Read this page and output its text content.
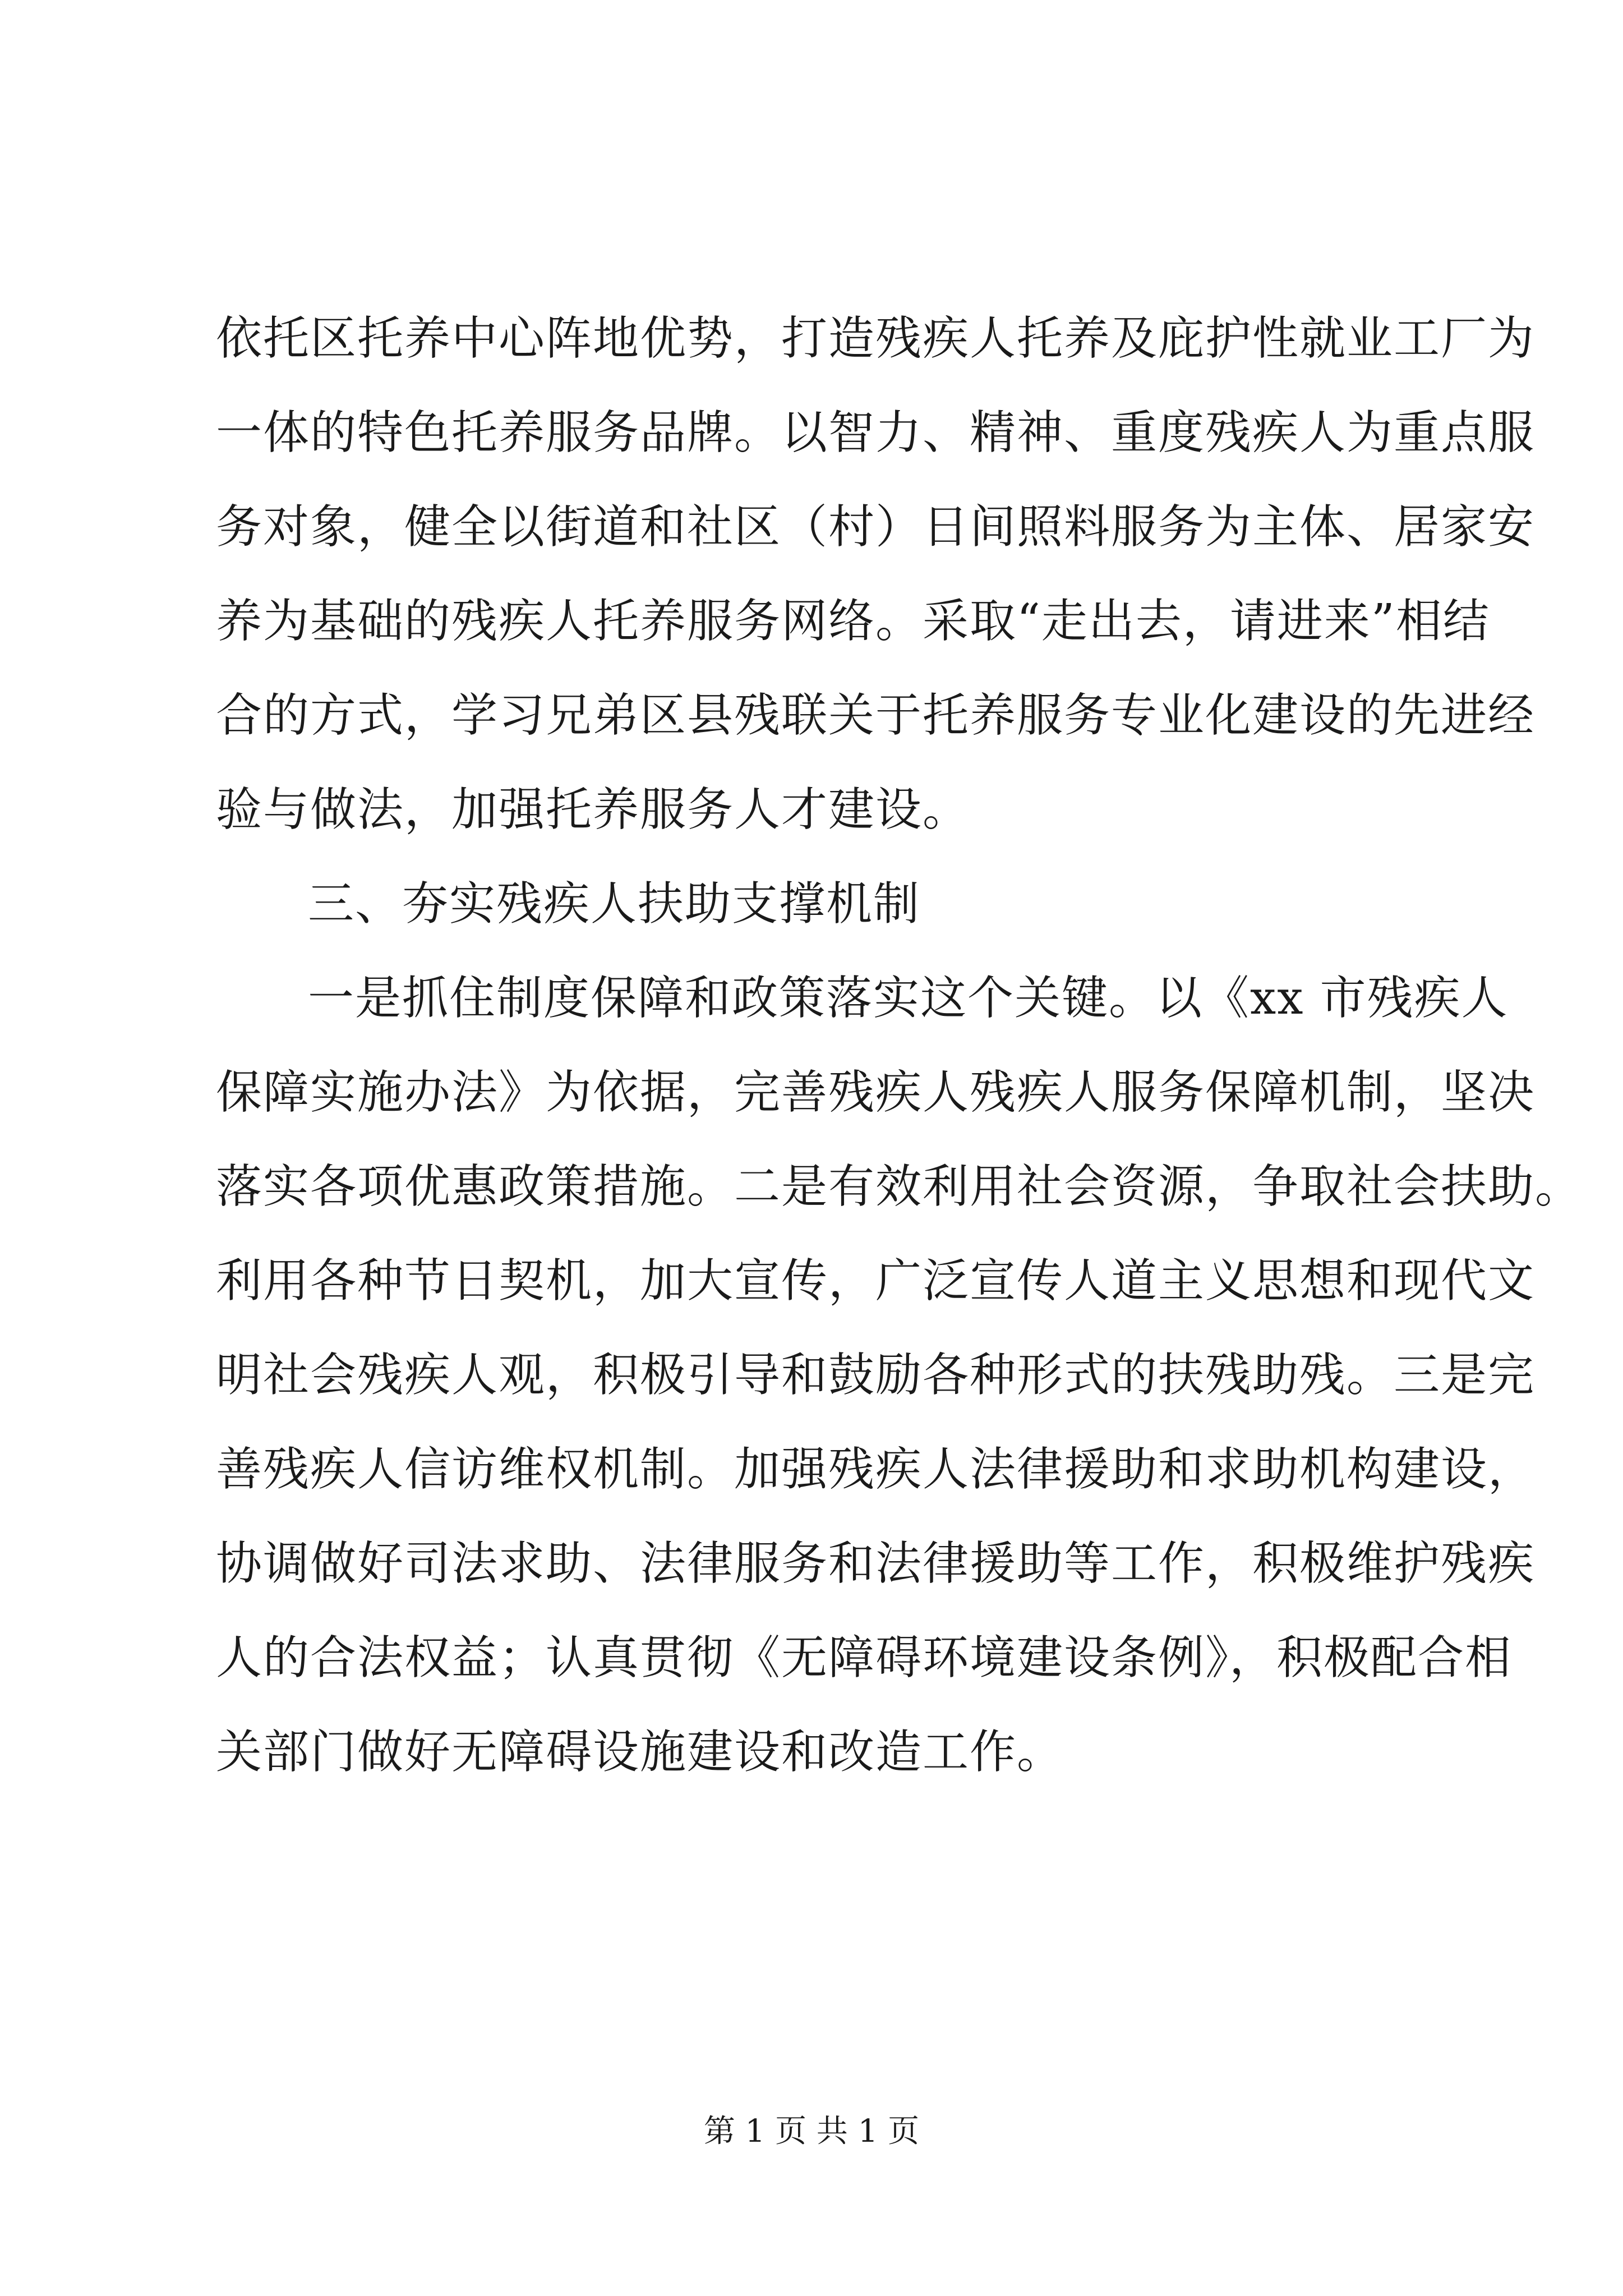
依托区托养中心阵地优势，打造残疾人托养及庇护性就业工厂为
一体的特色托养服务品牌。以智力、精神、重度残疾人为重点服
务对象，健全以街道和社区（村）日间照料服务为主体、居家安
养为基础的残疾人托养服务网络。采取“走出去，请进来”相结
合的方式，学习兄弟区县残联关于托养服务专业化建设的先进经
验与做法，加强托养服务人才建设。
三、夯实残疾人扶助支撑机制
一是抓住制度保障和政策落实这个关键。以《xx 市残疾人
保障实施办法》为依据，完善残疾人残疾人服务保障机制，坚决
落实各项优惠政策措施。二是有效利用社会资源，争取社会扶助。
利用各种节日契机，加大宣传，广泛宣传人道主义思想和现代文
明社会残疾人观，积极引导和鼓励各种形式的扶残助残。三是完
善残疾人信访维权机制。加强残疾人法律援助和求助机构建设，
协调做好司法求助、法律服务和法律援助等工作，积极维护残疾
人的合法权益；认真贯彻《无障碍环境建设条例》，积极配合相
关部门做好无障碍设施建设和改造工作。
第 1 页 共 1 页
